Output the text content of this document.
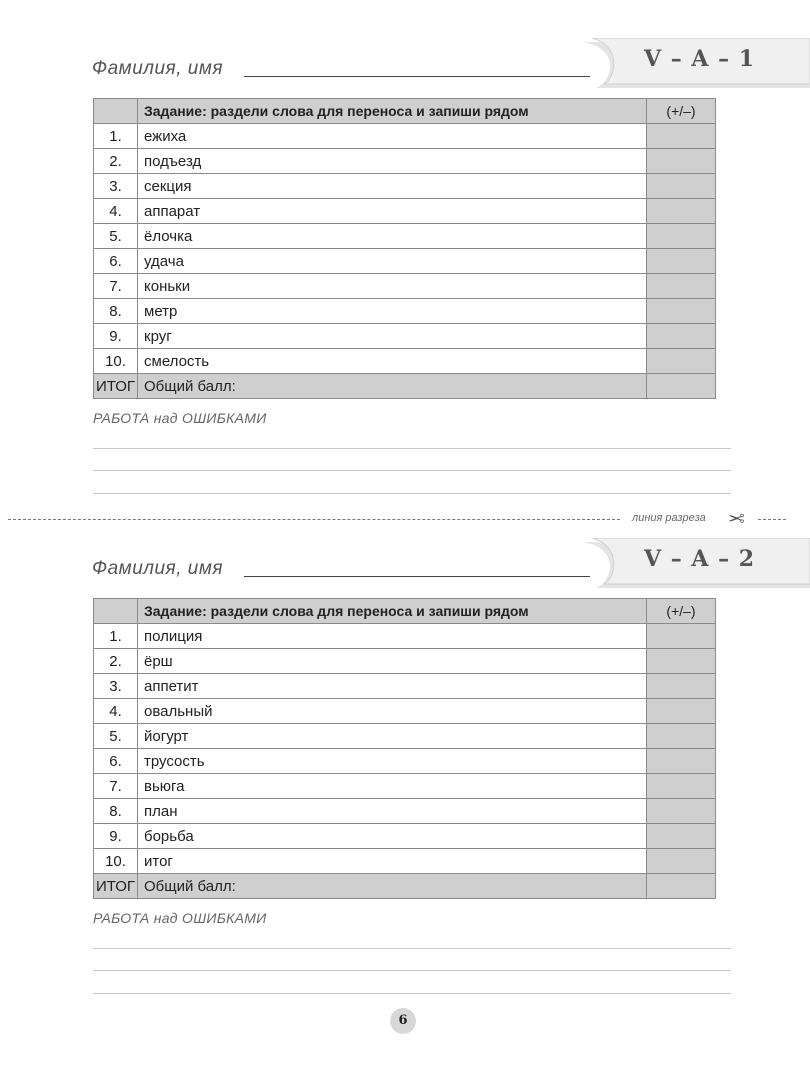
Фамилия, имя	V – A – 1
	Задание: раздели слова для переноса и запиши рядом	(+/–)
1.	ежиха	
2.	подъезд	
3.	секция	
4.	аппарат	
5.	ёлочка	
6.	удача	
7.	коньки	
8.	метр	
9.	круг	
10.	смелость	
ИТОГ	Общий балл:	
РАБОТА над ОШИБКАМИ
линия разреза ✂
Фамилия, имя	V – A – 2
	Задание: раздели слова для переноса и запиши рядом	(+/–)
1.	полиция	
2.	ёрш	
3.	аппетит	
4.	овальный	
5.	йогурт	
6.	трусость	
7.	вьюга	
8.	план	
9.	борьба	
10.	итог	
ИТОГ	Общий балл:	
РАБОТА над ОШИБКАМИ
6
